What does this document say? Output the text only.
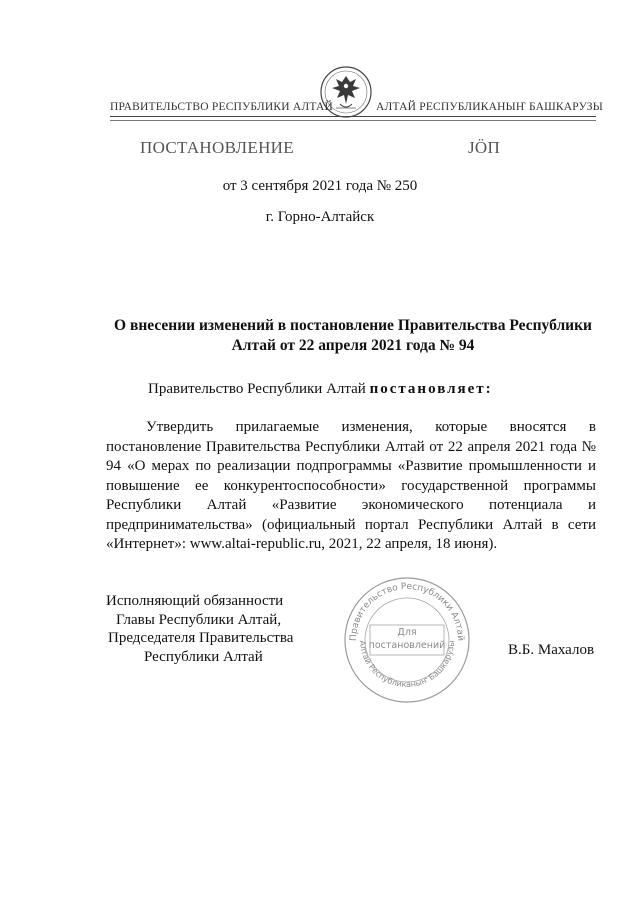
ПРАВИТЕЛЬСТВО РЕСПУБЛИКИ АЛТАЙ	АЛТАЙ РЕСПУБЛИКАНЫҤ БАШКАРУЗЫ
ПОСТАНОВЛЕНИЕ	ЈӦП
от 3 сентября 2021 года № 250
г. Горно-Алтайск
О внесении изменений в постановление Правительства Республики Алтай от 22 апреля 2021 года № 94
Правительство Республики Алтай постановляет:
Утвердить прилагаемые изменения, которые вносятся в постановление Правительства Республики Алтай от 22 апреля 2021 года № 94 «О мерах по реализации подпрограммы «Развитие промышленности и повышение ее конкурентоспособности» государственной программы Республики Алтай «Развитие экономического потенциала и предпринимательства» (официальный портал Республики Алтай в сети «Интернет»: www.altai-republic.ru, 2021, 22 апреля, 18 июня).
Исполняющий обязанности
Главы Республики Алтай,
Председателя Правительства
Республики Алтай
Правительство Республики Алтай
Алтай Республиканыҥ Башкарузы
Для
постановлений	В.Б. Махалов
